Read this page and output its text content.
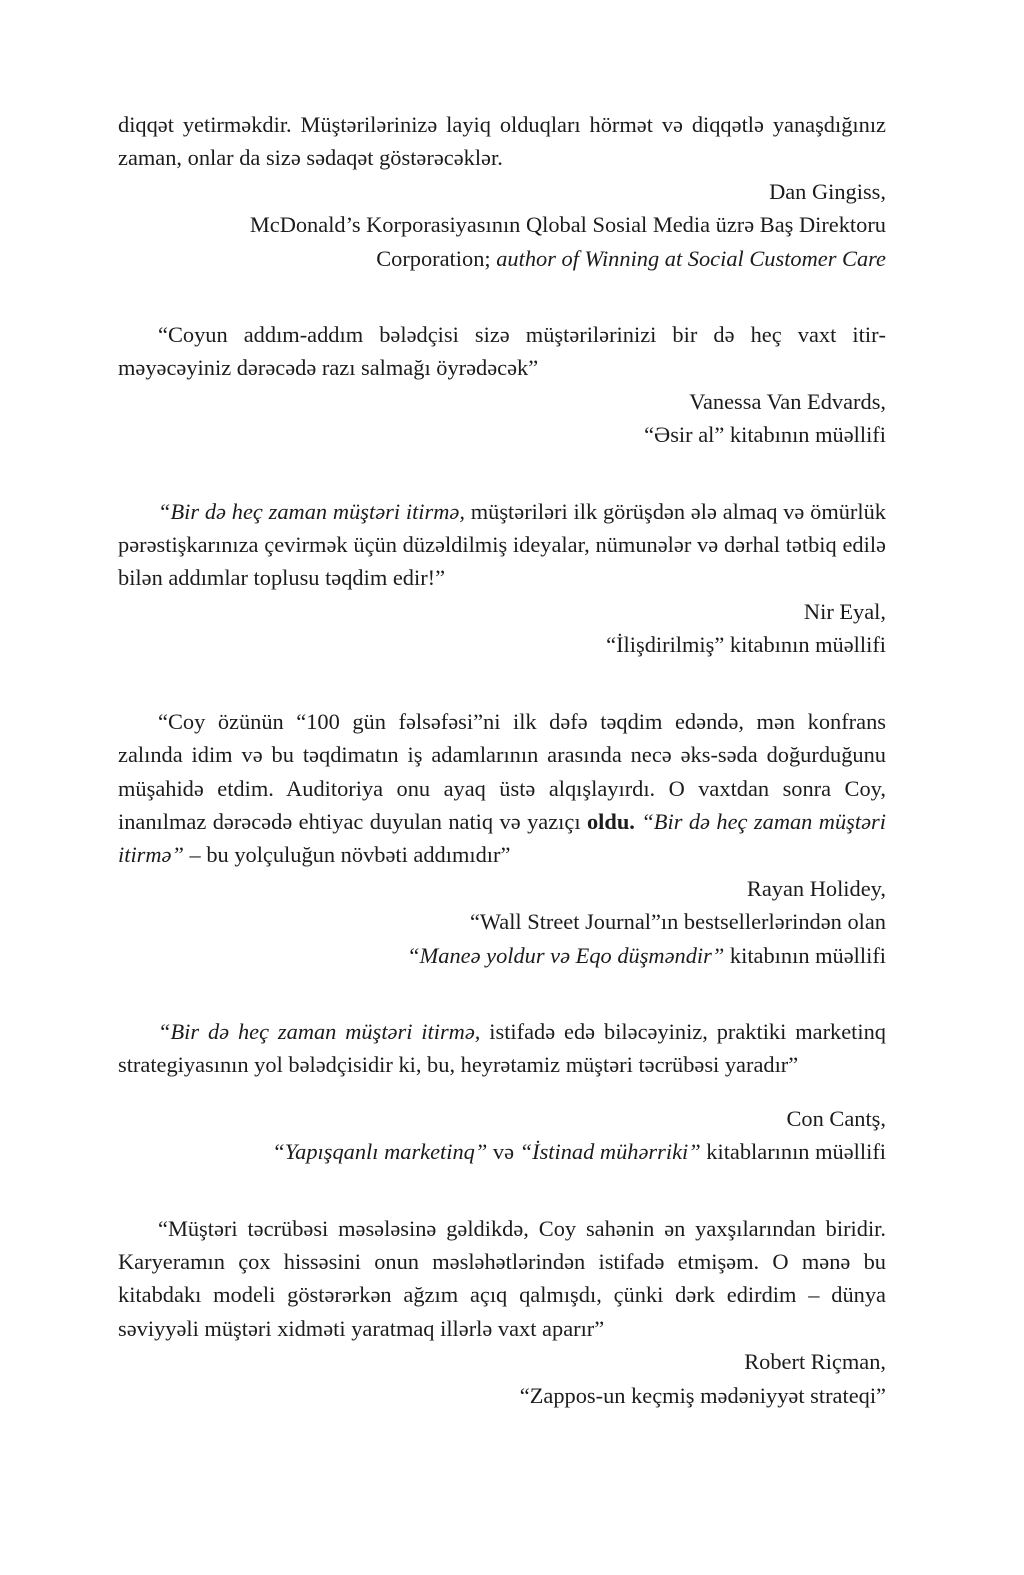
diqqət yetirməkdir. Müştərilərinizə layiq olduqları hörmət və diqqətlə yanaşdığınız zaman, onlar da sizə sədaqət göstərəcəklər.

Dan Gingiss,

McDonald’s Korporasiyasının Qlobal Sosial Media üzrə Baş Direktoru

Corporation; author of Winning at Social Customer Care

“Coyun addım-addım bələdçisi sizə müştərilərinizi bir də heç vaxt itirməyəcəyiniz dərəcədə razı salmağı öyrədəcək”

Vanessa Van Edvards,

“Əsir al” kitabının müəllifi

“Bir də heç zaman müştəri itirmə, müştəriləri ilk görüşdən ələ almaq və ömürlük pərəstişkarınıza çevirmək üçün düzəldilmiş ideyalar, nümunələr və dərhal tətbiq edilə bilən addımlar toplusu təqdim edir!”

Nir Eyal,

“İlişdirilmiş” kitabının müəllifi

“Coy özünün “100 gün fəlsəfəsi”ni ilk dəfə təqdim edəndə, mən konfrans zalında idim və bu təqdimatın iş adamlarının arasında necə əks-səda doğurduğunu müşahidə etdim. Auditoriya onu ayaq üstə alqışlayırdı. O vaxtdan sonra Coy, inanılmaz dərəcədə ehtiyac duyulan natiq və yazıçı oldu. “Bir də heç zaman müştəri itirmə” – bu yolçuluğun növbəti addımıdır”

Rayan Holidey,

“Wall Street Journal”ın bestsellerlərindən olan

“Maneə yoldur və Eqo düşməndir” kitabının müəllifi

“Bir də heç zaman müştəri itirmə, istifadə edə biləcəyiniz, praktiki marketinq strategiyasının yol bələdçisidir ki, bu, heyrətamiz müştəri təcrübəsi yaradır”

Con Cantş,

“Yapışqanlı marketinq” və “İstinad mühərriki” kitablarının müəllifi

“Müştəri təcrübəsi məsələsinə gəldikdə, Coy sahənin ən yaxşılarından biridir. Karyeramın çox hissəsini onun məsləhətlərindən istifadə etmişəm. O mənə bu kitabdakı modeli göstərərkən ağzım açıq qalmışdı, çünki dərk edirdim – dünya səviyyəli müştəri xidməti yaratmaq illərlə vaxt aparır”

Robert Riçman,

“Zappos-un keçmiş mədəniyyət strateqi”
